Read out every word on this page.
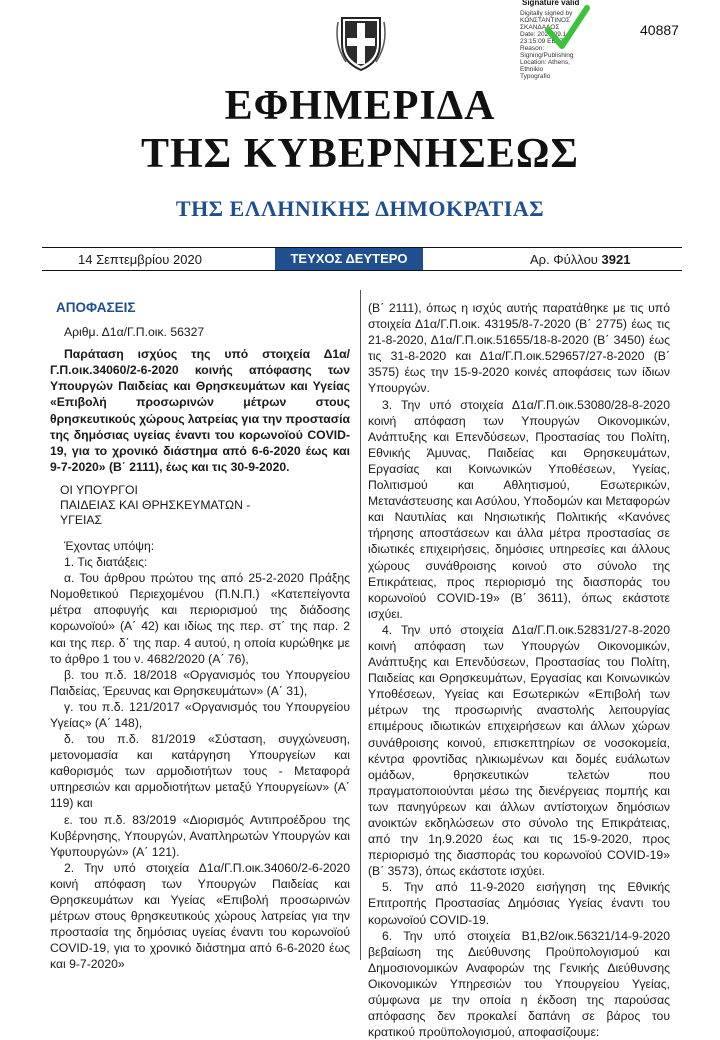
Signature valid
Digitally signed by
ΚΩΝΣΤΑΝΤΙΝΟΣ
ΣΚΑΝΔΑΛΟΣ
Date: 2020.09.14
23:15:09 EEST
Reason:
Signing/Publishing
Location: Athens, Ethnikio
Typografio
40887
ΕΦΗΜΕΡΙΔΑ
ΤΗΣ ΚΥΒΕΡΝΗΣΕΩΣ
ΤΗΣ ΕΛΛΗΝΙΚΗΣ ΔΗΜΟΚΡΑΤΙΑΣ
14 Σεπτεμβρίου 2020	ΤΕΥΧΟΣ ΔΕΥΤΕΡΟ	Αρ. Φύλλου 3921

ΑΠΟΦΑΣΕΙΣ

Αριθμ. Δ1α/Γ.Π.οικ. 56327

Παράταση ισχύος της υπό στοιχεία Δ1α/Γ.Π.οικ.34060/2-6-2020 κοινής απόφασης των Υπουργών Παιδείας και Θρησκευμάτων και Υγείας «Επιβολή προσωρινών μέτρων στους θρησκευτικούς χώρους λατρείας για την προστασία της δημόσιας υγείας έναντι του κορωνοϊού COVID-19, για το χρονικό διάστημα από 6-6-2020 έως και 9-7-2020» (Β΄ 2111), έως και τις 30-9-2020.

ΟΙ ΥΠΟΥΡΓΟΙ
ΠΑΙΔΕΙΑΣ ΚΑΙ ΘΡΗΣΚΕΥΜΑΤΩΝ -
ΥΓΕΙΑΣ

Έχοντας υπόψη:

1. Τις διατάξεις:

α. Του άρθρου πρώτου της από 25-2-2020 Πράξης Νομοθετικού Περιεχομένου (Π.Ν.Π.) «Κατεπείγοντα μέτρα αποφυγής και περιορισμού της διάδοσης κορωνοϊού» (Α΄ 42) και ιδίως της περ. στ΄ της παρ. 2 και της περ. δ΄ της παρ. 4 αυτού, η οποία κυρώθηκε με το άρθρο 1 του ν. 4682/2020 (Α΄ 76),

β. του π.δ. 18/2018 «Οργανισμός του Υπουργείου Παιδείας, Έρευνας και Θρησκευμάτων» (Α΄ 31),

γ. του π.δ. 121/2017 «Οργανισμός του Υπουργείου Υγείας» (Α΄ 148),

δ. του π.δ. 81/2019 «Σύσταση, συγχώνευση, μετονομασία και κατάργηση Υπουργείων και καθορισμός των αρμοδιοτήτων τους - Μεταφορά υπηρεσιών και αρμοδιοτήτων μεταξύ Υπουργείων» (Α΄ 119) και

ε. του π.δ. 83/2019 «Διορισμός Αντιπροέδρου της Κυβέρνησης, Υπουργών, Αναπληρωτών Υπουργών και Υφυπουργών» (Α΄ 121).

2. Την υπό στοιχεία Δ1α/Γ.Π.οικ.34060/2-6-2020 κοινή απόφαση των Υπουργών Παιδείας και Θρησκευμάτων και Υγείας «Επιβολή προσωρινών μέτρων στους θρησκευτικούς χώρους λατρείας για την προστασία της δημόσιας υγείας έναντι του κορωνοϊού COVID-19, για το χρονικό διάστημα από 6-6-2020 έως και 9-7-2020»

(Β΄ 2111), όπως η ισχύς αυτής παρατάθηκε με τις υπό στοιχεία Δ1α/Γ.Π.οικ. 43195/8-7-2020 (Β΄ 2775) έως τις 21-8-2020, Δ1α/Γ.Π.οικ.51655/18-8-2020 (Β΄ 3450) έως τις 31-8-2020 και Δ1α/Γ.Π.οικ.529657/27-8-2020 (Β΄ 3575) έως την 15-9-2020 κοινές αποφάσεις των ίδιων Υπουργών.

3. Την υπό στοιχεία Δ1α/Γ.Π.οικ.53080/28-8-2020 κοινή απόφαση των Υπουργών Οικονομικών, Ανάπτυξης και Επενδύσεων, Προστασίας του Πολίτη, Εθνικής Άμυνας, Παιδείας και Θρησκευμάτων, Εργασίας και Κοινωνικών Υποθέσεων, Υγείας, Πολιτισμού και Αθλητισμού, Εσωτερικών, Μετανάστευσης και Ασύλου, Υποδομών και Μεταφορών και Ναυτιλίας και Νησιωτικής Πολιτικής «Κανόνες τήρησης αποστάσεων και άλλα μέτρα προστασίας σε ιδιωτικές επιχειρήσεις, δημόσιες υπηρεσίες και άλλους χώρους συνάθροισης κοινού στο σύνολο της Επικράτειας, προς περιορισμό της διασποράς του κορωνοϊού COVID-19» (Β΄ 3611), όπως εκάστοτε ισχύει.

4. Την υπό στοιχεία Δ1α/Γ.Π.οικ.52831/27-8-2020 κοινή απόφαση των Υπουργών Οικονομικών, Ανάπτυξης και Επενδύσεων, Προστασίας του Πολίτη, Παιδείας και Θρησκευμάτων, Εργασίας και Κοινωνικών Υποθέσεων, Υγείας και Εσωτερικών «Επιβολή των μέτρων της προσωρινής αναστολής λειτουργίας επιμέρους ιδιωτικών επιχειρήσεων και άλλων χώρων συνάθροισης κοινού, επισκεπτηρίων σε νοσοκομεία, κέντρα φροντίδας ηλικιωμένων και δομές ευάλωτων ομάδων, θρησκευτικών τελετών που πραγματοποιούνται μέσω της διενέργειας πομπής και των πανηγύρεων και άλλων αντίστοιχων δημόσιων ανοικτών εκδηλώσεων στο σύνολο της Επικράτειας, από την 1η.9.2020 έως και τις 15-9-2020, προς περιορισμό της διασποράς του κορωνοϊού COVID-19» (Β΄ 3573), όπως εκάστοτε ισχύει.

5. Την από 11-9-2020 εισήγηση της Εθνικής Επιτροπής Προστασίας Δημόσιας Υγείας έναντι του κορωνοϊού COVID-19.

6. Την υπό στοιχεία Β1,Β2/οικ.56321/14-9-2020 βεβαίωση της Διεύθυνσης Προϋπολογισμού και Δημοσιονομικών Αναφορών της Γενικής Διεύθυνσης Οικονομικών Υπηρεσιών του Υπουργείου Υγείας, σύμφωνα με την οποία η έκδοση της παρούσας απόφασης δεν προκαλεί δαπάνη σε βάρος του κρατικού προϋπολογισμού, αποφασίζουμε:
